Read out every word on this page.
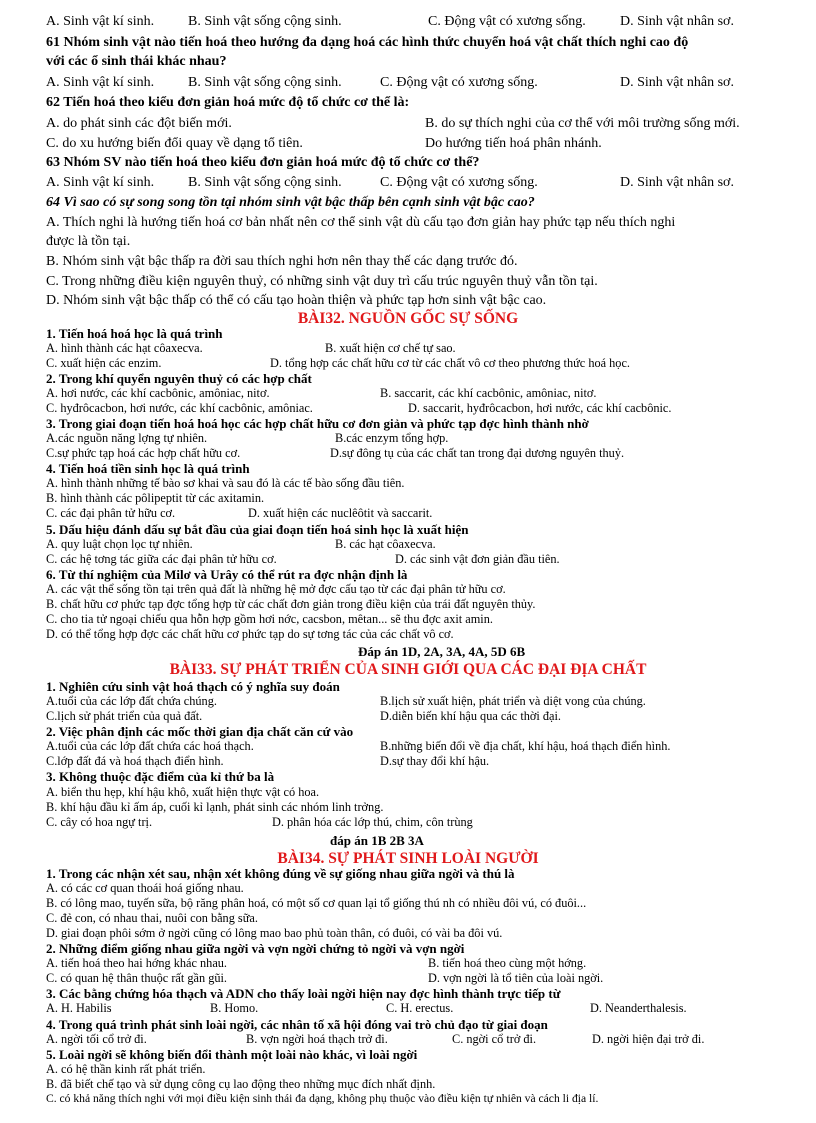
A. Sinh vật kí sinh. B. Sinh vật sống cộng sinh.	C. Động vật có xương sống. D. Sinh vật nhân sơ.
61 Nhóm sinh vật nào tiến hoá theo hướng đa dạng hoá các hình thức chuyển hoá vật chất thích nghi cao độ
với các ổ sinh thái khác nhau?
A. Sinh vật kí sinh. B. Sinh vật sống cộng sinh.	C. Động vật có xương sống.	D. Sinh vật nhân sơ.
62 Tiến hoá theo kiểu đơn giản hoá mức độ tổ chức cơ thể là:
A. do phát sinh các đột biến mới.	B. do sự thích nghi của cơ thể với môi trường sống mới.
C. do xu hướng biến đổi quay về dạng tổ tiên.	Do hướng tiến hoá phân nhánh.
63 Nhóm SV nào tiến hoá theo kiểu đơn giản hoá mức độ tổ chức cơ thể?
A. Sinh vật kí sinh. B. Sinh vật sống cộng sinh.	C. Động vật có xương sống.	D. Sinh vật nhân sơ.
64 Vì sao có sự song song tồn tại nhóm sinh vật bậc thấp bên cạnh sinh vật bậc cao?
A. Thích nghi là hướng tiến hoá cơ bản nhất nên cơ thể sinh vật dù cấu tạo đơn giản hay phức tạp nếu thích nghi
được là tồn tại.
B. Nhóm sinh vật bậc thấp ra đời sau thích nghi hơn nên thay thế các dạng trước đó.
C. Trong những điều kiện nguyên thuỷ, có những sinh vật duy trì cấu trúc nguyên thuỷ vẫn tồn tại.
D. Nhóm sinh vật bậc thấp có thể có cấu tạo hoàn thiện và phức tạp hơn sinh vật bậc cao.
BÀI32. NGUỒN GỐC SỰ SỐNG
1. Tiến hoá hoá học là quá trình
A. hình thành các hạt côaxecva.	B. xuất hiện cơ chế tự sao.
C. xuất hiện các enzim.	D. tổng hợp các chất hữu cơ từ các chất vô cơ theo phương thức hoá học.
2. Trong khí quyển nguyên thuỷ có các hợp chất
A. hơi nước, các khí cacbônic, amôniac, nitơ.	B. saccarit, các khí cacbônic, amôniac, nitơ.
C. hyđrôcacbon, hơi nước, các khí cacbônic, amôniac.	D. saccarit, hyđrôcacbon, hơi nước, các khí cacbônic.
3. Trong giai đoạn tiến hoá hoá học các hợp chất hữu cơ đơn giản và phức tạp đợc hình thành nhờ
A.các nguồn năng lợng tự nhiên.	B.các enzym tổng hợp.
C.sự phức tạp hoá các hợp chất hữu cơ.	D.sự đông tụ của các chất tan trong đại dương nguyên thuỷ.
4. Tiến hoá tiền sinh học là quá trình
A. hình thành những tế bào sơ khai và sau đó là các tế bào sống đầu tiên.
B. hình thành các pôlipeptit từ các axitamin.
C. các đại phân tử hữu cơ.	D. xuất hiện các nuclêôtit và saccarit.
5. Dấu hiệu đánh dấu sự bắt đầu của giai đoạn tiến hoá sinh học là xuất hiện
A. quy luật chọn lọc tự nhiên.	B. các hạt côaxecva.
C. các hệ tơng tác giữa các đại phân tử hữu cơ.	D. các sinh vật đơn giản đầu tiên.
6. Từ thí nghiệm của Milơ và Urây có thể rút ra đợc nhận định là
A. các vật thể sống tồn tại trên quả đất là những hệ mở đợc cấu tạo từ các đại phân tử hữu cơ.
B. chất hữu cơ phức tạp đợc tổng hợp từ các chất đơn giản trong điều kiện của trái đất nguyên thủy.
C. cho tia tử ngoại chiếu qua hỗn hợp gồm hơi nớc, cacsbon, mêtan... sẽ thu đợc axit amin.
D. có thể tổng hợp đợc các chất hữu cơ phức tạp do sự tơng tác của các chất vô cơ.
Đáp án 1D, 2A, 3A, 4A, 5D 6B
BÀI33. SỰ PHÁT TRIỂN CỦA SINH GIỚI QUA CÁC ĐẠI ĐỊA CHẤT
1. Nghiên cứu sinh vật hoá thạch có ý nghĩa suy đoán
A.tuổi của các lớp đất chứa chúng.	B.lịch sử xuất hiện, phát triển và diệt vong của chúng.
C.lịch sử phát triển của quả đất.	D.diễn biến khí hậu qua các thời đại.
2. Việc phân định các mốc thời gian địa chất căn cứ vào
A.tuổi của các lớp đất chứa các hoá thạch.	B.những biến đổi về địa chất, khí hậu, hoá thạch điển hình.
C.lớp đất đá và hoá thạch điển hình.	D.sự thay đổi khí hậu.
3. Không thuộc đặc điểm của kỉ thứ ba là
A. biển thu hẹp, khí hậu khô, xuất hiện thực vật có hoa.
B. khí hậu đầu kỉ ấm áp, cuối kỉ lạnh, phát sinh các nhóm linh trởng.
C. cây có hoa ngự trị.	D. phân hóa các lớp thú, chim, côn trùng
đáp án 1B 2B 3A
BÀI34. SỰ PHÁT SINH LOÀI NGƯỜI
1. Trong các nhận xét sau, nhận xét không đúng về sự giống nhau giữa ngời và thú là
A. có các cơ quan thoái hoá giống nhau.
B. có lông mao, tuyến sữa, bộ răng phân hoá, có một số cơ quan lại tổ giống thú nh có nhiều đôi vú, có đuôi...
C. đẻ con, có nhau thai, nuôi con bằng sữa.
D. giai đoạn phôi sớm ở ngời cũng có lông mao bao phủ toàn thân, có đuôi, có vài ba đôi vú.
2. Những điểm giống nhau giữa ngời và vợn ngời chứng tỏ ngời và vợn ngời
A. tiến hoá theo hai hớng khác nhau.	B. tiến hoá theo cùng một hớng.
C. có quan hệ thân thuộc rất gần gũi.	D. vợn ngời là tổ tiên của loài ngời.
3. Các bằng chứng hóa thạch và ADN cho thấy loài ngời hiện nay đợc hình thành trực tiếp từ
A. H. Habilis	B. Homo.	C. H. erectus.	D. Neanderthalesis.
4. Trong quá trình phát sinh loài ngời, các nhân tố xã hội đóng vai trò chủ đạo từ giai đoạn
A. ngời tối cổ trở đi.	B. vợn ngời hoá thạch trở đi.	C. ngời cổ trở đi.	D. ngời hiện đại trở đi.
5. Loài ngời sẽ không biến đổi thành một loài nào khác, vì loài ngời
A. có hệ thần kinh rất phát triển.
B. đã biết chế tạo và sử dụng công cụ lao động theo những mục đích nhất định.
C. có khả năng thích nghi với mọi điều kiện sinh thái đa dạng, không phụ thuộc vào điều kiện tự nhiên và cách li địa lí.
